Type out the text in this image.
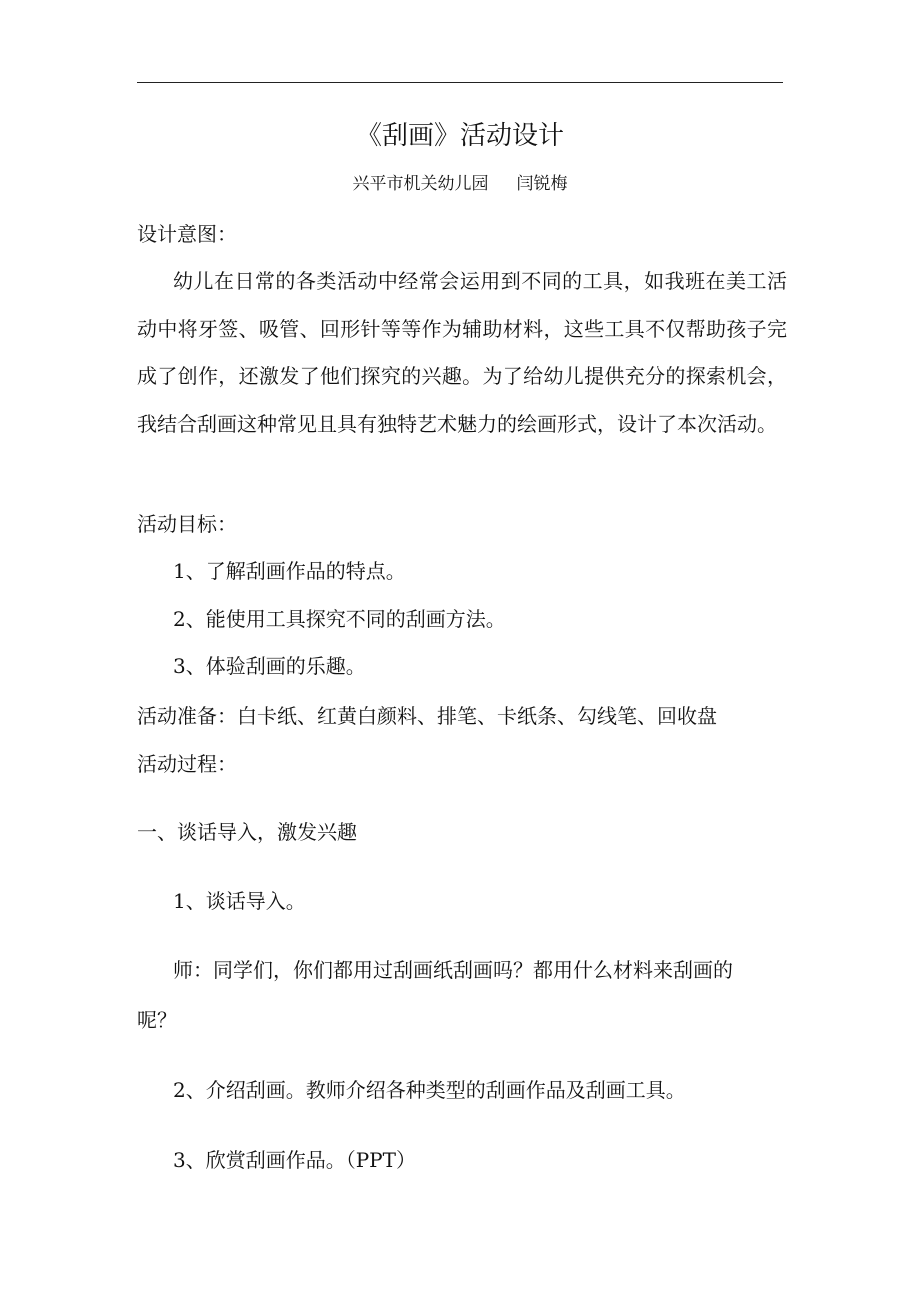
《刮画》活动设计
兴平市机关幼儿园 闫锐梅
设计意图：
幼儿在日常的各类活动中经常会运用到不同的工具，如我班在美工活动中将牙签、吸管、回形针等等作为辅助材料，这些工具不仅帮助孩子完成了创作，还激发了他们探究的兴趣。为了给幼儿提供充分的探索机会，我结合刮画这种常见且具有独特艺术魅力的绘画形式，设计了本次活动。
活动目标：
1、了解刮画作品的特点。
2、能使用工具探究不同的刮画方法。
3、体验刮画的乐趣。
活动准备：白卡纸、红黄白颜料、排笔、卡纸条、勾线笔、回收盘
活动过程：
一、谈话导入，激发兴趣
1、谈话导入。
师：同学们，你们都用过刮画纸刮画吗？都用什么材料来刮画的
呢？
2、介绍刮画。教师介绍各种类型的刮画作品及刮画工具。
3、欣赏刮画作品。（PPT）
